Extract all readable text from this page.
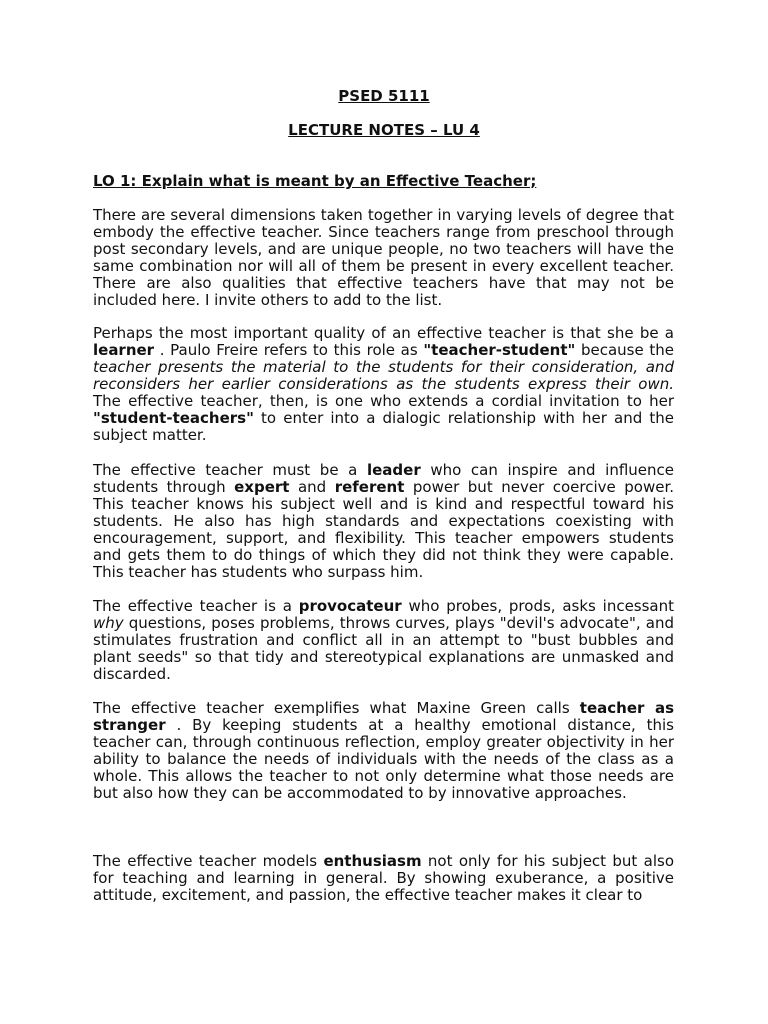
PSED 5111
LECTURE NOTES – LU 4
LO 1: Explain what is meant by an Effective Teacher;

There are several dimensions taken together in varying levels of degree that embody the effective teacher. Since teachers range from preschool through post secondary levels, and are unique people, no two teachers will have the same combination nor will all of them be present in every excellent teacher. There are also qualities that effective teachers have that may not be included here. I invite others to add to the list.

Perhaps the most important quality of an effective teacher is that she be a learner . Paulo Freire refers to this role as "teacher-student" because the teacher presents the material to the students for their consideration, and reconsiders her earlier considerations as the students express their own. The effective teacher, then, is one who extends a cordial invitation to her "student-teachers" to enter into a dialogic relationship with her and the subject matter.

The effective teacher must be a leader who can inspire and influence students through expert and referent power but never coercive power. This teacher knows his subject well and is kind and respectful toward his students. He also has high standards and expectations coexisting with encouragement, support, and flexibility. This teacher empowers students and gets them to do things of which they did not think they were capable. This teacher has students who surpass him.

The effective teacher is a provocateur who probes, prods, asks incessant why questions, poses problems, throws curves, plays "devil's advocate", and stimulates frustration and conflict all in an attempt to "bust bubbles and plant seeds" so that tidy and stereotypical explanations are unmasked and discarded.

The effective teacher exemplifies what Maxine Green calls teacher as stranger . By keeping students at a healthy emotional distance, this teacher can, through continuous reflection, employ greater objectivity in her ability to balance the needs of individuals with the needs of the class as a whole. This allows the teacher to not only determine what those needs are but also how they can be accommodated to by innovative approaches.

The effective teacher models enthusiasm not only for his subject but also for teaching and learning in general. By showing exuberance, a positive attitude, excitement, and passion, the effective teacher makes it clear to
